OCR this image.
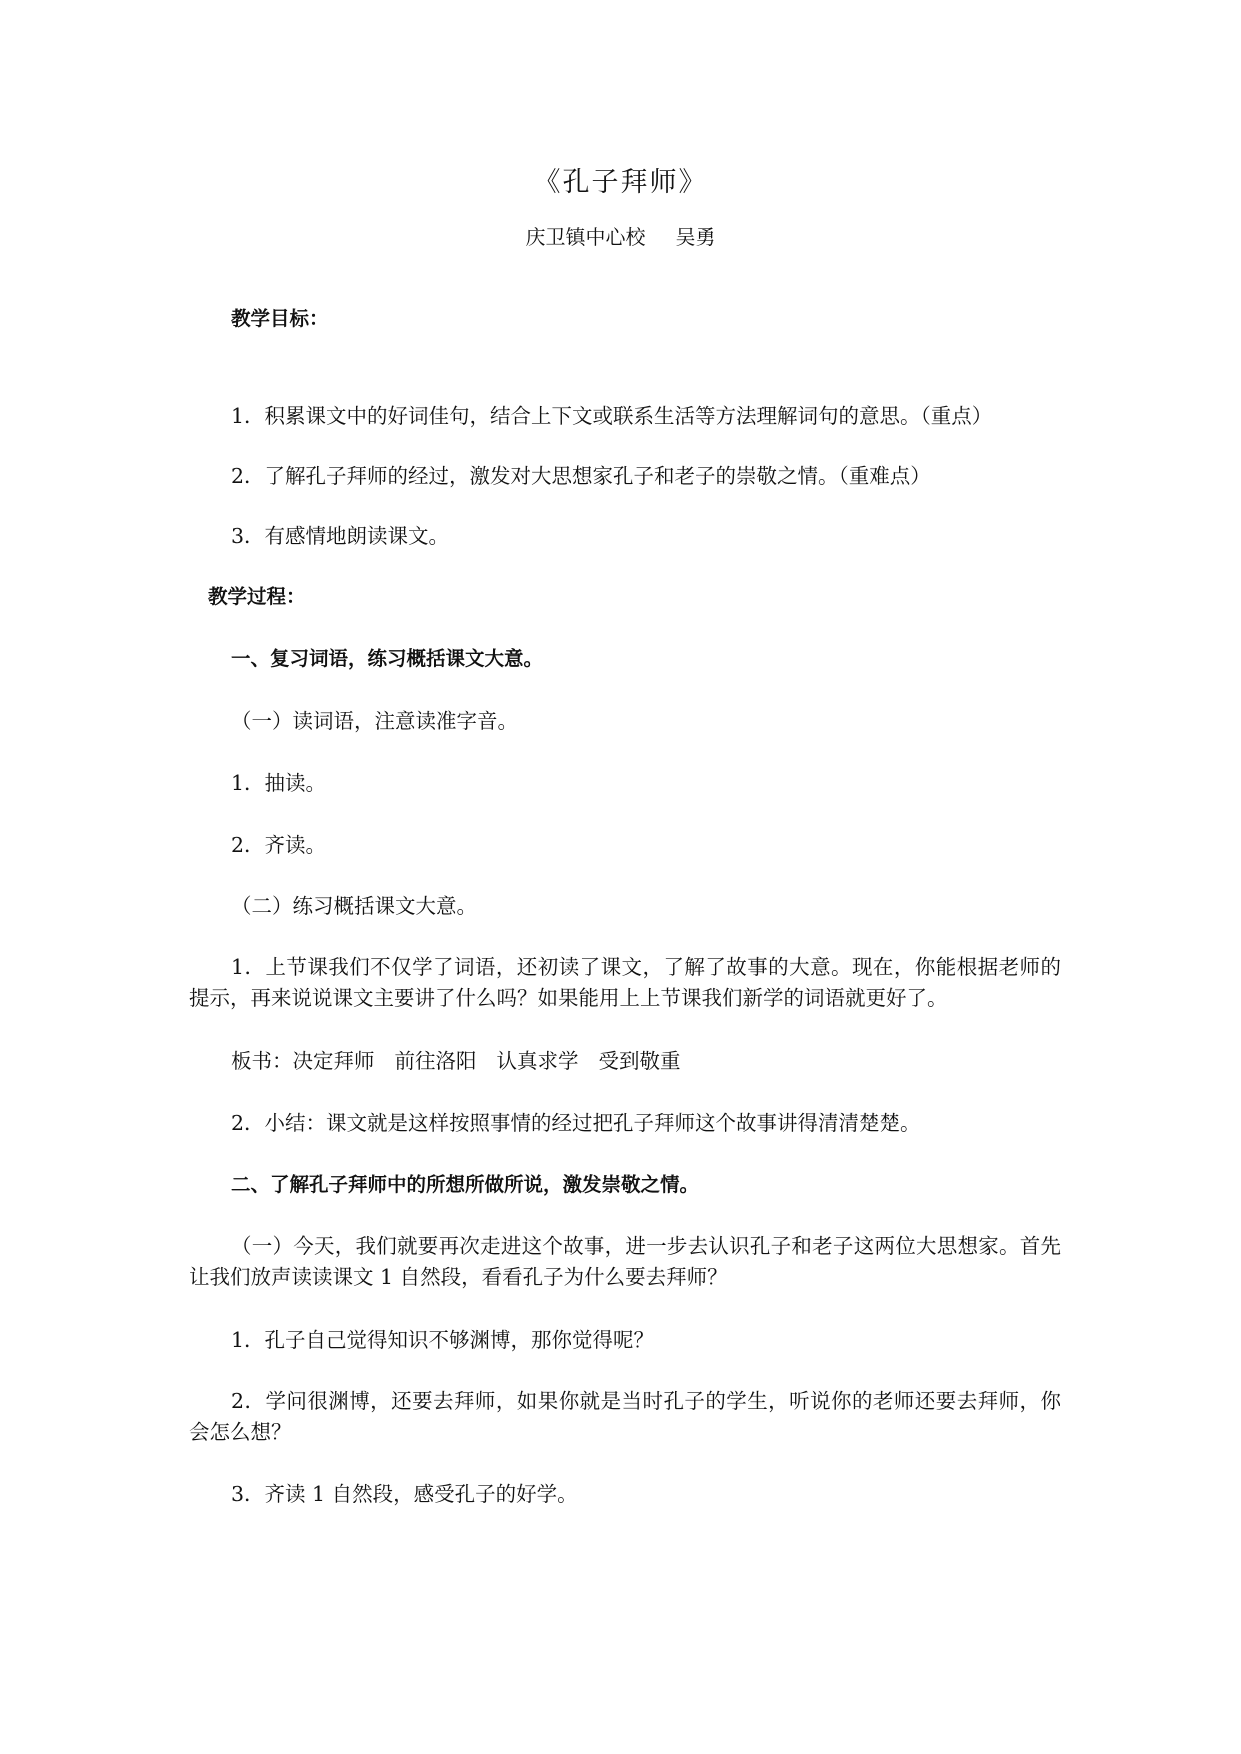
《孔子拜师》
庆卫镇中心校 吴勇
教学目标：
1．积累课文中的好词佳句，结合上下文或联系生活等方法理解词句的意思。（重点）
2．了解孔子拜师的经过，激发对大思想家孔子和老子的崇敬之情。（重难点）
3．有感情地朗读课文。
教学过程：
一、复习词语，练习概括课文大意。
（一）读词语，注意读准字音。
1．抽读。
2．齐读。
（二）练习概括课文大意。
1．上节课我们不仅学了词语，还初读了课文，了解了故事的大意。现在，你能根据老师的提示，再来说说课文主要讲了什么吗？如果能用上上节课我们新学的词语就更好了。
板书：决定拜师 前往洛阳 认真求学 受到敬重
2．小结：课文就是这样按照事情的经过把孔子拜师这个故事讲得清清楚楚。
二、了解孔子拜师中的所想所做所说，激发崇敬之情。
（一）今天，我们就要再次走进这个故事，进一步去认识孔子和老子这两位大思想家。首先让我们放声读读课文 1 自然段，看看孔子为什么要去拜师？
1．孔子自己觉得知识不够渊博，那你觉得呢？
2．学问很渊博，还要去拜师，如果你就是当时孔子的学生，听说你的老师还要去拜师，你会怎么想？
3．齐读 1 自然段，感受孔子的好学。
